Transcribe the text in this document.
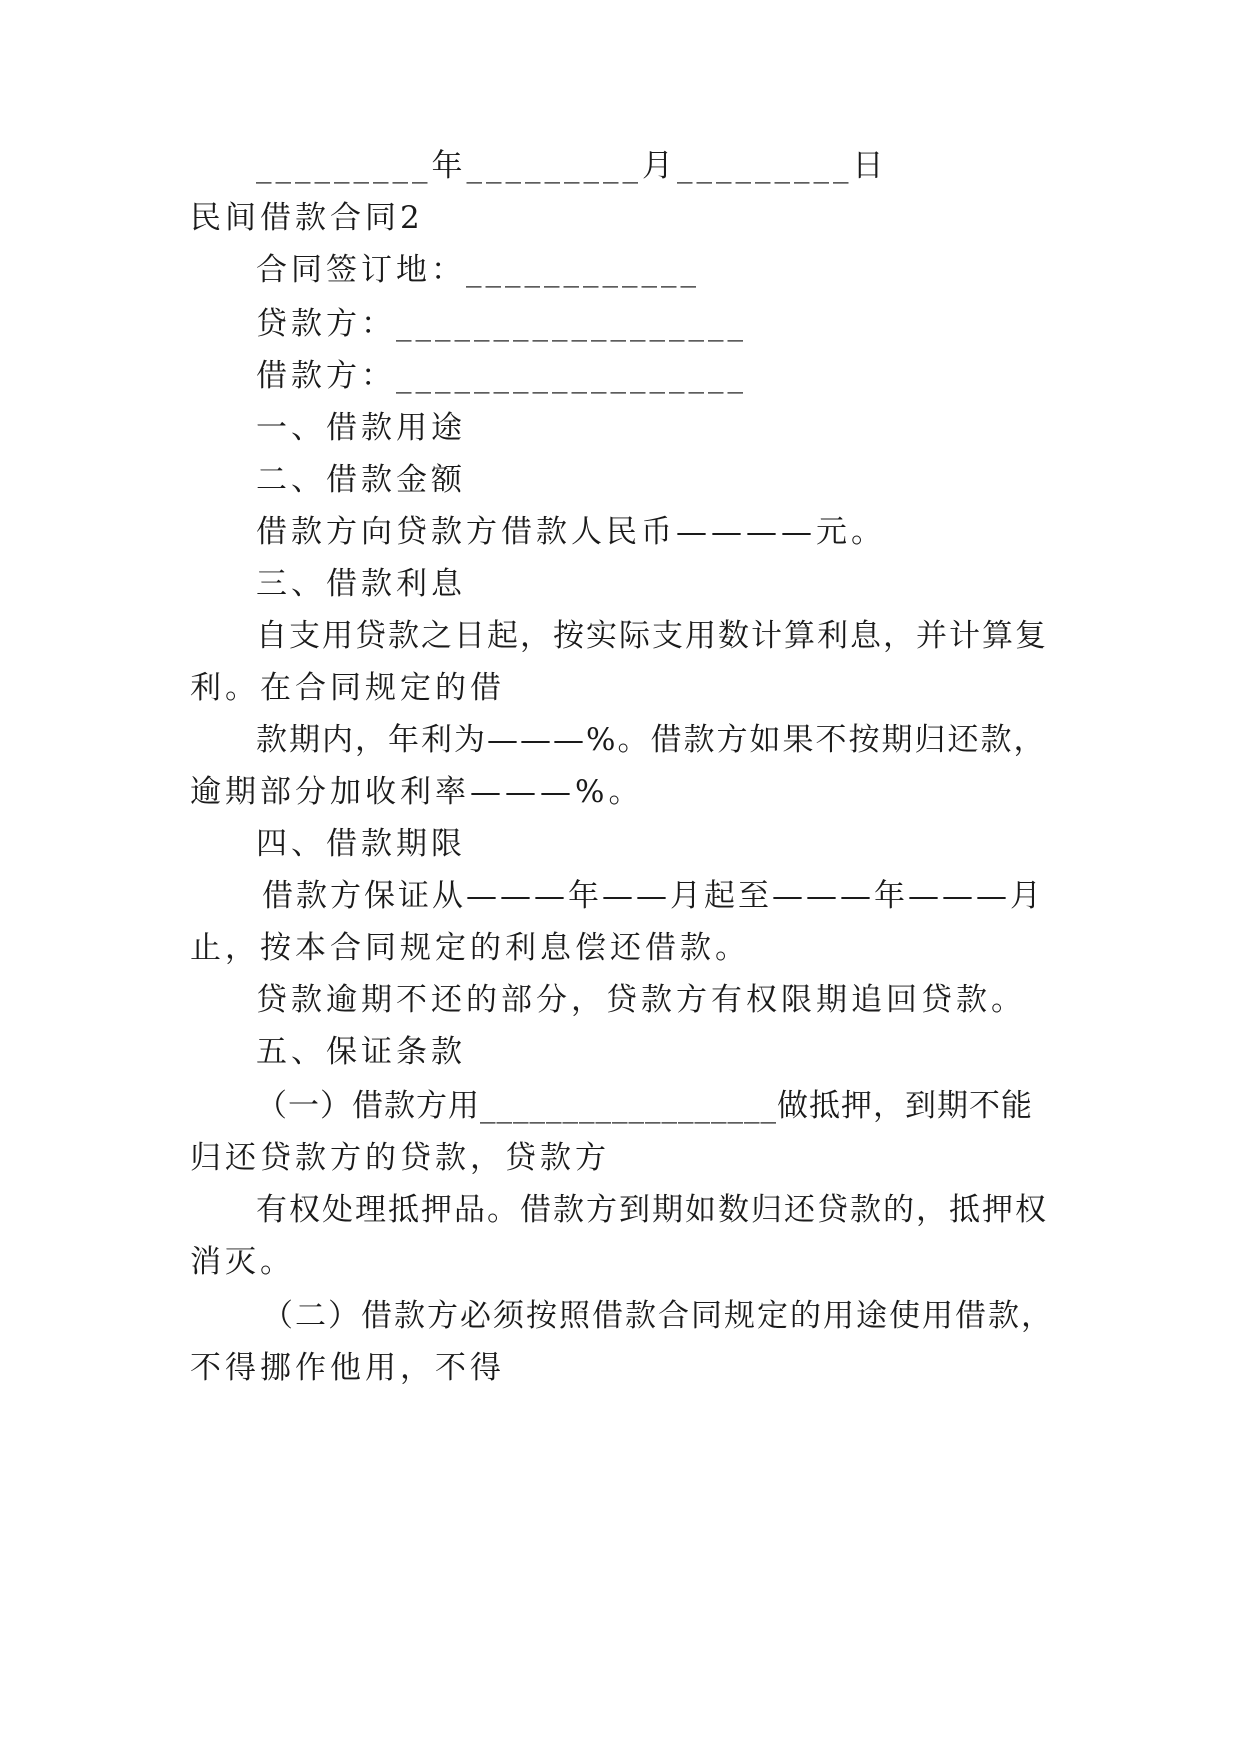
_________年_________月_________日

民间借款合同2

合同签订地：____________

贷款方：__________________

借款方：__________________

一、借款用途

二、借款金额

借款方向贷款方借款人民币————元。

三、借款利息

自支用贷款之日起，按实际支用数计算利息，并计算复

利。在合同规定的借

款期内，年利为———%。借款方如果不按期归还款，

逾期部分加收利率———%。

四、借款期限

借款方保证从———年——月起至———年———月

止，按本合同规定的利息偿还借款。

贷款逾期不还的部分，贷款方有权限期追回贷款。

五、保证条款

（一）借款方用__________________做抵押，到期不能

归还贷款方的贷款，贷款方

有权处理抵押品。借款方到期如数归还贷款的，抵押权

消灭。

（二）借款方必须按照借款合同规定的用途使用借款，

不得挪作他用，不得
